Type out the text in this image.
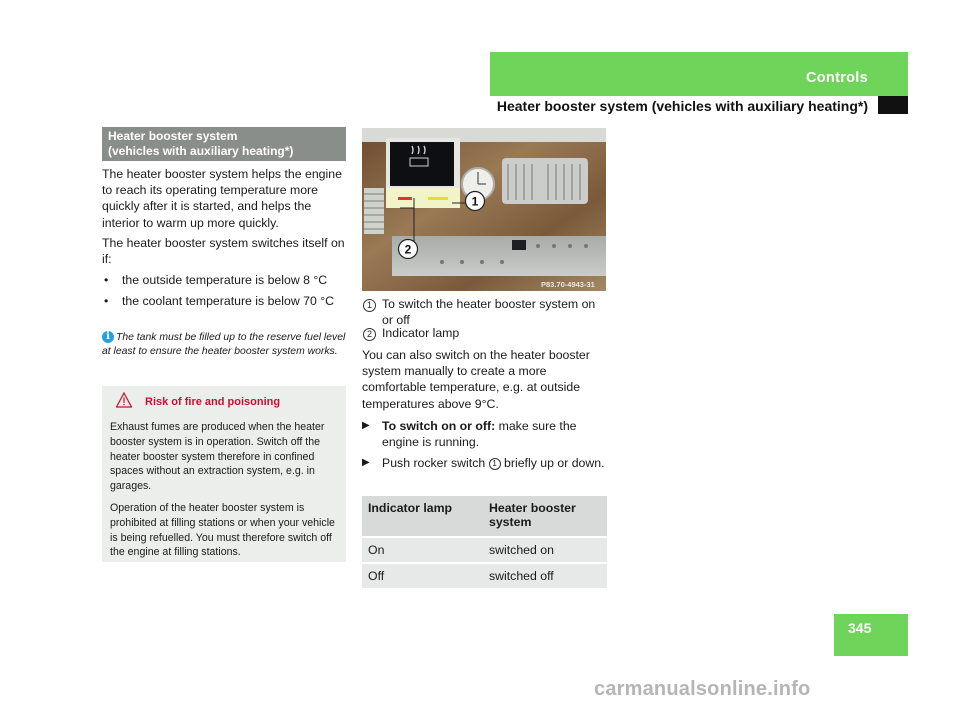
Controls
Heater booster system (vehicles with auxiliary heating*)
Heater booster system
(vehicles with auxiliary heating*)
The heater booster system helps the engine to reach its operating temperature more quickly after it is started, and helps the interior to warm up more quickly.
The heater booster system switches itself on if:
• the outside temperature is below 8 °C
• the coolant temperature is below 70 °C
The tank must be filled up to the reserve fuel level at least to ensure the heater booster system works.
i
Risk of fire and poisoning
Exhaust fumes are produced when the heater booster system is in operation. Switch off the heater booster system therefore in confined spaces without an extraction system, e.g. in garages.
Operation of the heater booster system is prohibited at filling stations or when your vehicle is being refuelled. You must therefore switch off the engine at filling stations.
1
2
P83.70-4943-31
1 To switch the heater booster system on or off
2 Indicator lamp
You can also switch on the heater booster system manually to create a more comfortable temperature, e.g. at outside temperatures above 9°C.
▶ To switch on or off: make sure the engine is running.
▶ Push rocker switch 1 briefly up or down.
Indicator lamp	Heater booster system
On	switched on
Off	switched off
345
carmanualsonline.info
